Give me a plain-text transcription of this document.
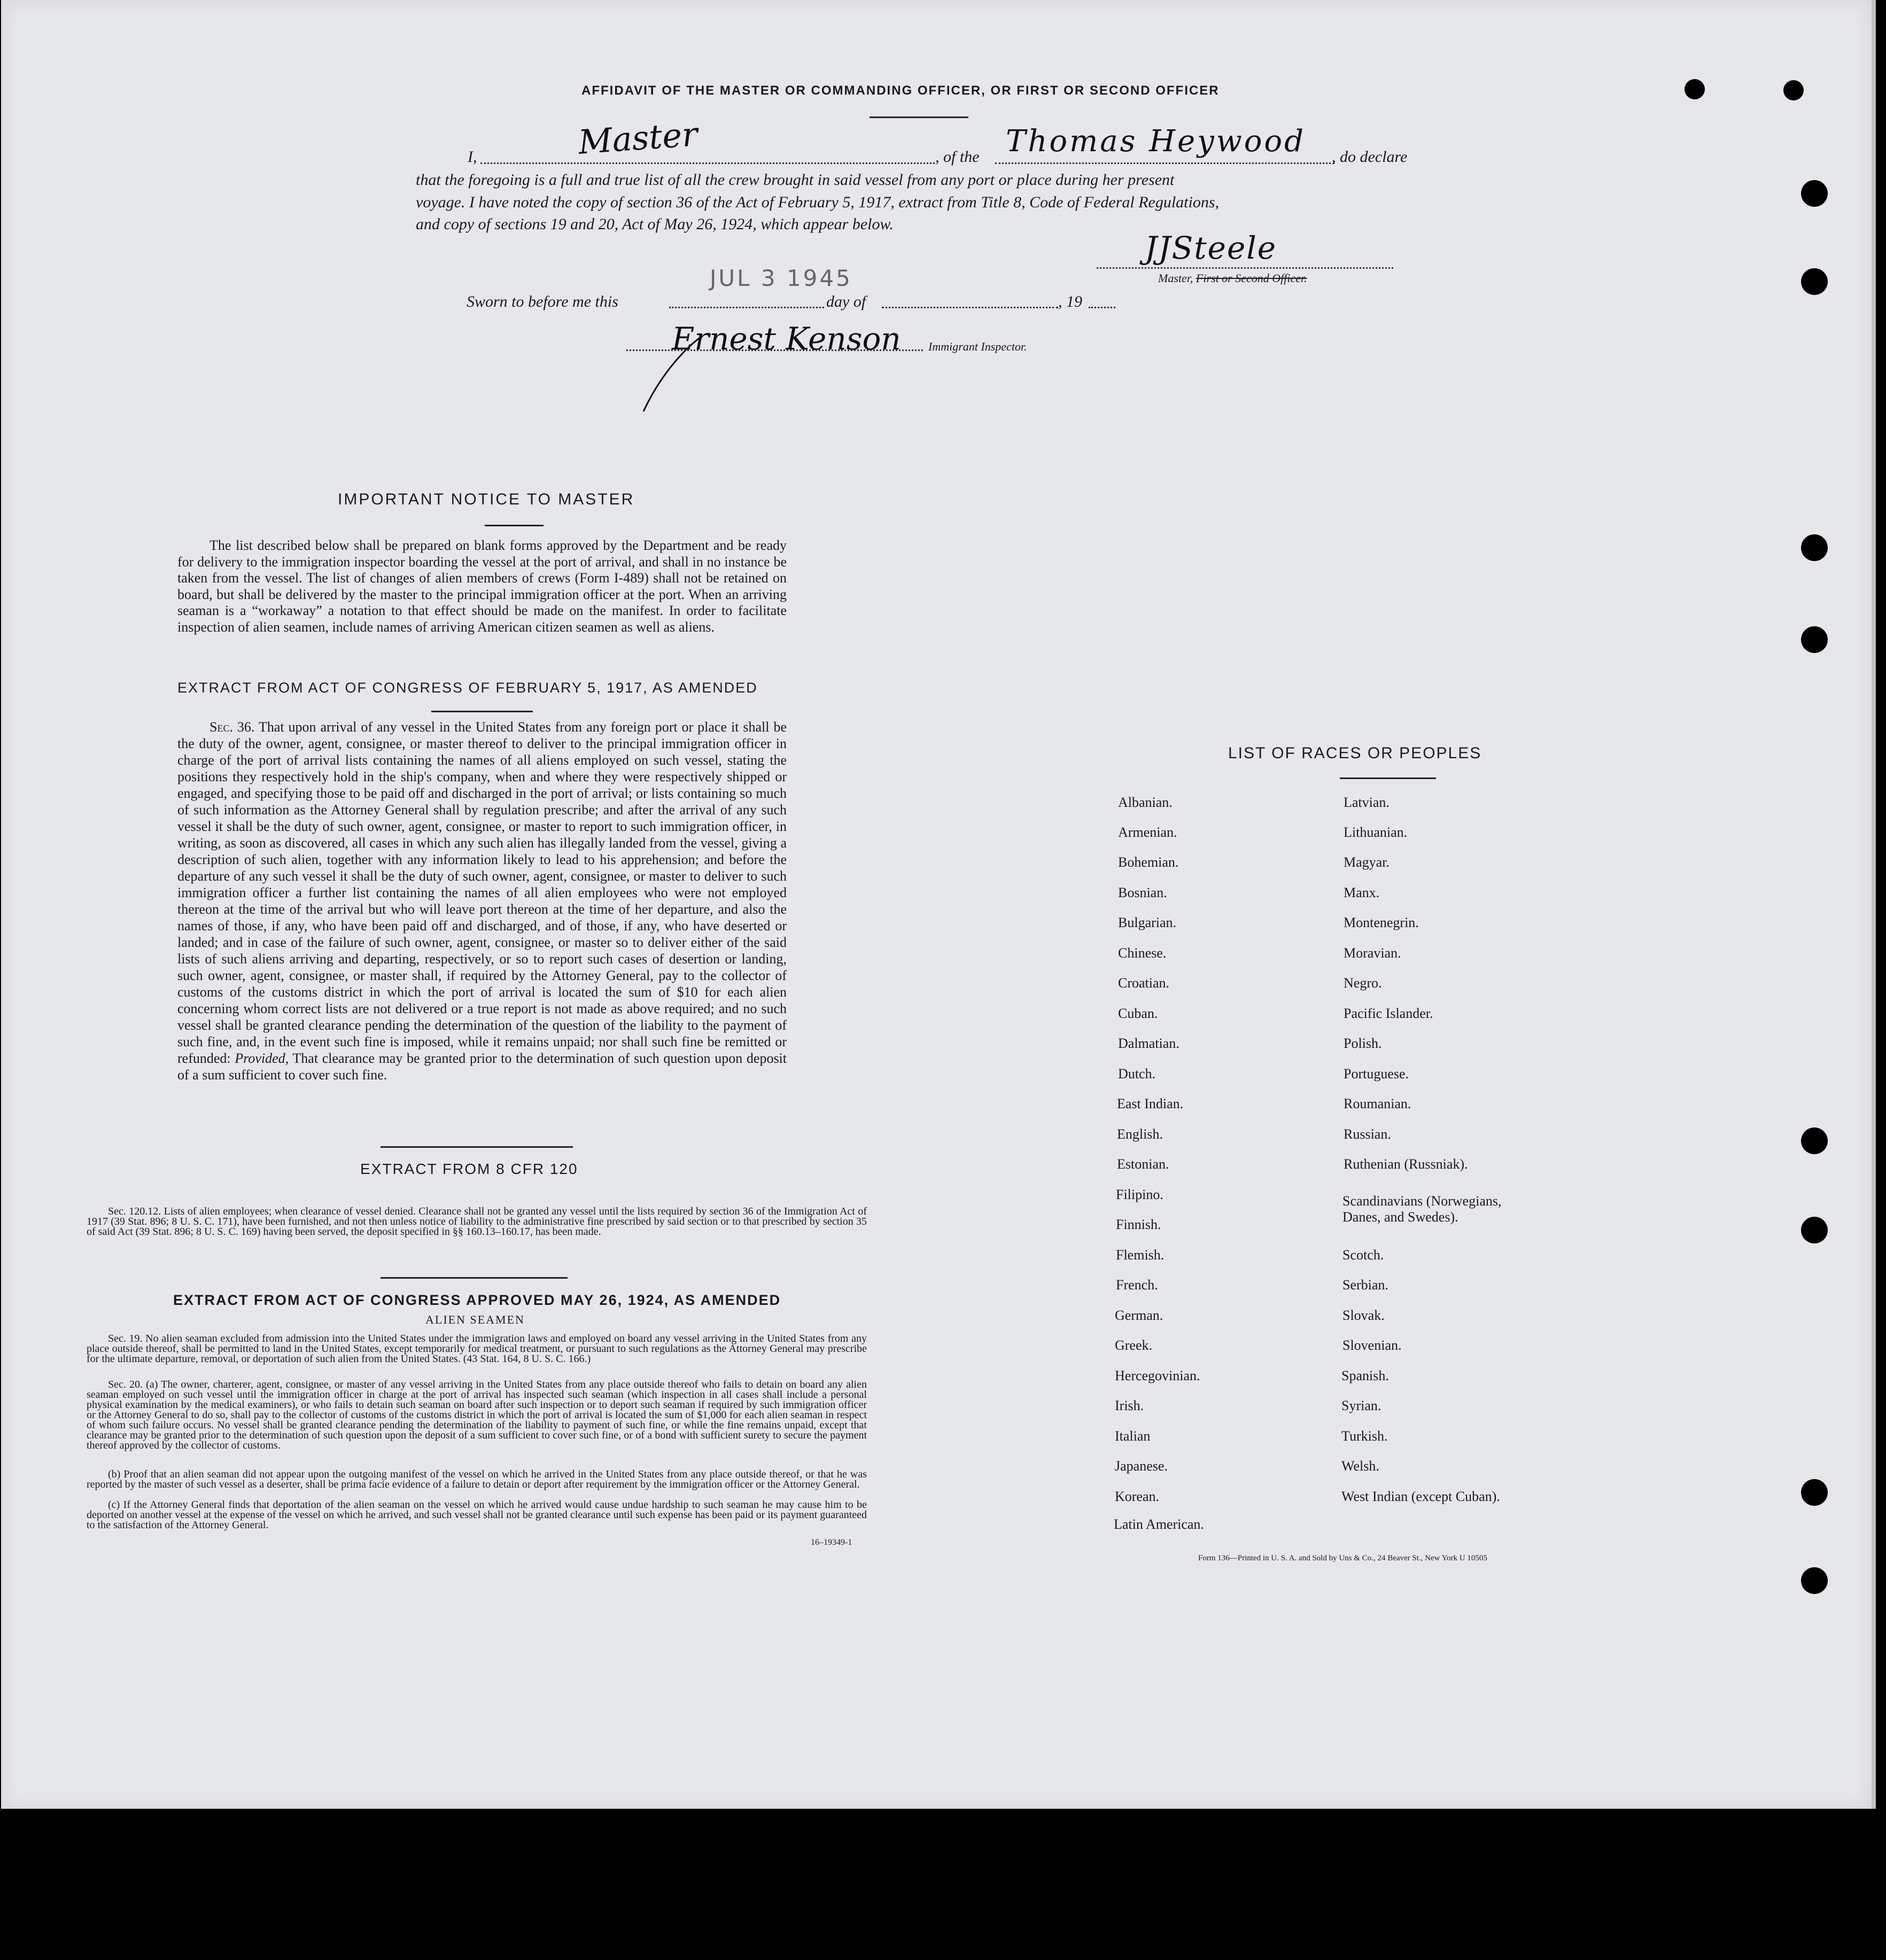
AFFIDAVIT OF THE MASTER OR COMMANDING OFFICER, OR FIRST OR SECOND OFFICER
I,	Master	, of the Thomas Heywood , do declare
that the foregoing is a full and true list of all the crew brought in said vessel from any port or place during her present
voyage. I have noted the copy of section 36 of the Act of February 5, 1917, extract from Title 8, Code of Federal Regulations,
and copy of sections 19 and 20, Act of May 26, 1924, which appear below.
JJSteele
Master, First or Second Officer.
JUL 3 1945
Sworn to before me this	day of	, 19
Ernest Kenson Immigrant Inspector.
IMPORTANT NOTICE TO MASTER
The list described below shall be prepared on blank forms approved by the Department and be ready for delivery to the immigration inspector boarding the vessel at the port of arrival, and shall in no instance be taken from the vessel. The list of changes of alien members of crews (Form I-489) shall not be retained on board, but shall be delivered by the master to the principal immigration officer at the port. When an arriving seaman is a “workaway” a notation to that effect should be made on the manifest. In order to facilitate inspection of alien seamen, include names of arriving American citizen seamen as well as aliens.
EXTRACT FROM ACT OF CONGRESS OF FEBRUARY 5, 1917, AS AMENDED
Sec. 36. That upon arrival of any vessel in the United States from any foreign port or place it shall be the duty of the owner, agent, consignee, or master thereof to deliver to the principal immigration officer in charge of the port of arrival lists containing the names of all aliens employed on such vessel, stating the positions they respectively hold in the ship's company, when and where they were respectively shipped or engaged, and specifying those to be paid off and discharged in the port of arrival; or lists containing so much of such information as the Attorney General shall by regulation prescribe; and after the arrival of any such vessel it shall be the duty of such owner, agent, consignee, or master to report to such immigration officer, in writing, as soon as discovered, all cases in which any such alien has illegally landed from the vessel, giving a description of such alien, together with any information likely to lead to his apprehension; and before the departure of any such vessel it shall be the duty of such owner, agent, consignee, or master to deliver to such immigration officer a further list containing the names of all alien employees who were not employed thereon at the time of the arrival but who will leave port thereon at the time of her departure, and also the names of those, if any, who have been paid off and discharged, and of those, if any, who have deserted or landed; and in case of the failure of such owner, agent, consignee, or master so to deliver either of the said lists of such aliens arriving and departing, respectively, or so to report such cases of desertion or landing, such owner, agent, consignee, or master shall, if required by the Attorney General, pay to the collector of customs of the customs district in which the port of arrival is located the sum of $10 for each alien concerning whom correct lists are not delivered or a true report is not made as above required; and no such vessel shall be granted clearance pending the determination of the question of the liability to the payment of such fine, and, in the event such fine is imposed, while it remains unpaid; nor shall such fine be remitted or refunded: Provided, That clearance may be granted prior to the determination of such question upon deposit of a sum sufficient to cover such fine.
EXTRACT FROM 8 CFR 120
Sec. 120.12. Lists of alien employees; when clearance of vessel denied. Clearance shall not be granted any vessel until the lists required by section 36 of the Immigration Act of 1917 (39 Stat. 896; 8 U. S. C. 171), have been furnished, and not then unless notice of liability to the administrative fine prescribed by said section or to that prescribed by section 35 of said Act (39 Stat. 896; 8 U. S. C. 169) having been served, the deposit specified in §§ 160.13–160.17, has been made.
EXTRACT FROM ACT OF CONGRESS APPROVED MAY 26, 1924, AS AMENDED
ALIEN SEAMEN
Sec. 19. No alien seaman excluded from admission into the United States under the immigration laws and employed on board any vessel arriving in the United States from any place outside thereof, shall be permitted to land in the United States, except temporarily for medical treatment, or pursuant to such regulations as the Attorney General may prescribe for the ultimate departure, removal, or deportation of such alien from the United States. (43 Stat. 164, 8 U. S. C. 166.)
Sec. 20. (a) The owner, charterer, agent, consignee, or master of any vessel arriving in the United States from any place outside thereof who fails to detain on board any alien seaman employed on such vessel until the immigration officer in charge at the port of arrival has inspected such seaman (which inspection in all cases shall include a personal physical examination by the medical examiners), or who fails to detain such seaman on board after such inspection or to deport such seaman if required by such immigration officer or the Attorney General to do so, shall pay to the collector of customs of the customs district in which the port of arrival is located the sum of $1,000 for each alien seaman in respect of whom such failure occurs. No vessel shall be granted clearance pending the determination of the liability to payment of such fine, or while the fine remains unpaid, except that clearance may be granted prior to the determination of such question upon the deposit of a sum sufficient to cover such fine, or of a bond with sufficient surety to secure the payment thereof approved by the collector of customs.
(b) Proof that an alien seaman did not appear upon the outgoing manifest of the vessel on which he arrived in the United States from any place outside thereof, or that he was reported by the master of such vessel as a deserter, shall be prima facie evidence of a failure to detain or deport after requirement by the immigration officer or the Attorney General.
(c) If the Attorney General finds that deportation of the alien seaman on the vessel on which he arrived would cause undue hardship to such seaman he may cause him to be deported on another vessel at the expense of the vessel on which he arrived, and such vessel shall not be granted clearance until such expense has been paid or its payment guaranteed to the satisfaction of the Attorney General.
16–19349-1
LIST OF RACES OR PEOPLES
Albanian.
Armenian.
Bohemian.
Bosnian.
Bulgarian.
Chinese.
Croatian.
Cuban.
Dalmatian.
Dutch.
East Indian.
English.
Estonian.
Filipino.
Finnish.
Flemish.
French.
German.
Greek.
Hercegovinian.
Irish.
Italian
Japanese.
Korean.
Latin American.
Latvian.
Lithuanian.
Magyar.
Manx.
Montenegrin.
Moravian.
Negro.
Pacific Islander.
Polish.
Portuguese.
Roumanian.
Russian.
Ruthenian (Russniak).
Scandinavians (Norwegians,
Danes, and Swedes).
Scotch.
Serbian.
Slovak.
Slovenian.
Spanish.
Syrian.
Turkish.
Welsh.
West Indian (except Cuban).
Form 136—Printed in U. S. A. and Sold by Uns & Co., 24 Beaver St., New York U 10505
